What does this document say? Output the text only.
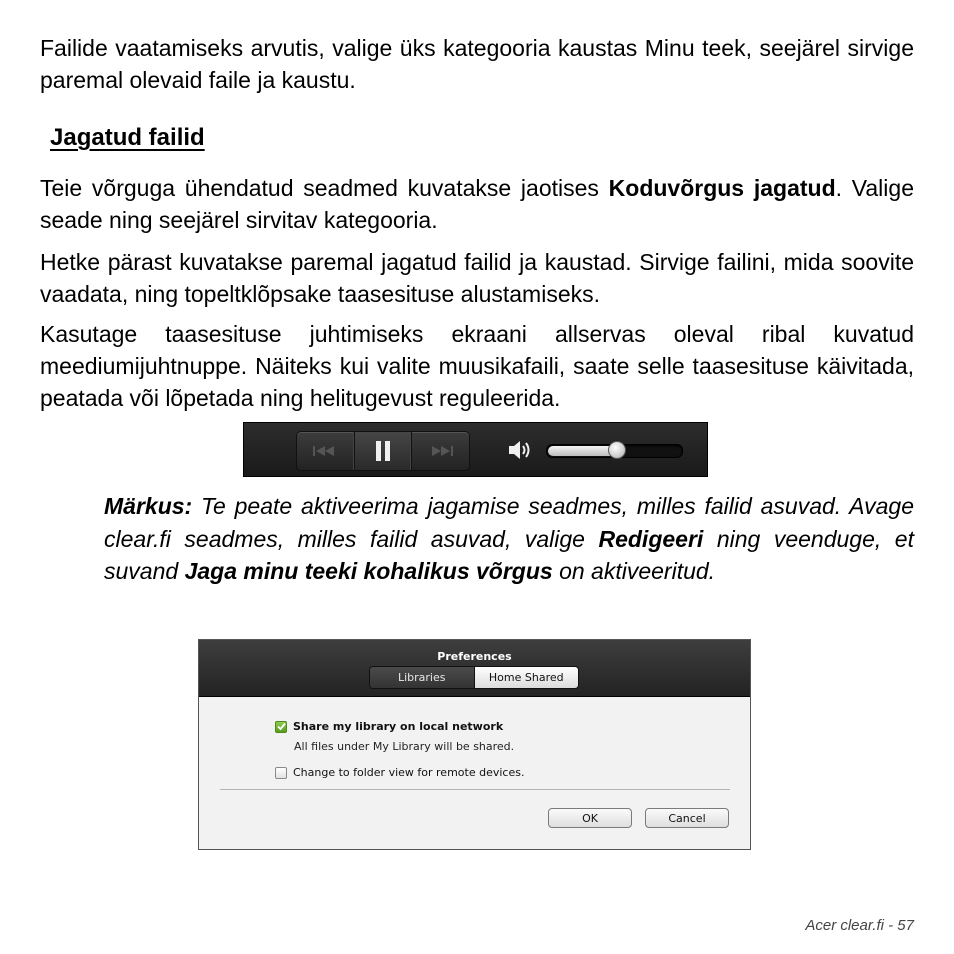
Failide vaatamiseks arvutis, valige üks kategooria kaustas Minu teek, seejärel sirvige paremal olevaid faile ja kaustu.

Jagatud failid

Teie võrguga ühendatud seadmed kuvatakse jaotises Koduvõrgus jagatud. Valige seade ning seejärel sirvitav kategooria.

Hetke pärast kuvatakse paremal jagatud failid ja kaustad. Sirvige failini, mida soovite vaadata, ning topeltklõpsake taasesituse alustamiseks.

Kasutage taasesituse juhtimiseks ekraani allservas oleval ribal kuvatud meediumijuhtnuppe. Näiteks kui valite muusikafaili, saate selle taasesituse käivitada, peatada või lõpetada ning helitugevust reguleerida.

Märkus: Te peate aktiveerima jagamise seadmes, milles failid asuvad. Avage clear.fi seadmes, milles failid asuvad, valige Redigeeri ning veenduge, et suvand Jaga minu teeki kohalikus võrgus on aktiveeritud.

Preferences
Libraries	Home Shared
Share my library on local network
All files under My Library will be shared.
Change to folder view for remote devices.
OK	Cancel
Acer clear.fi - 57
